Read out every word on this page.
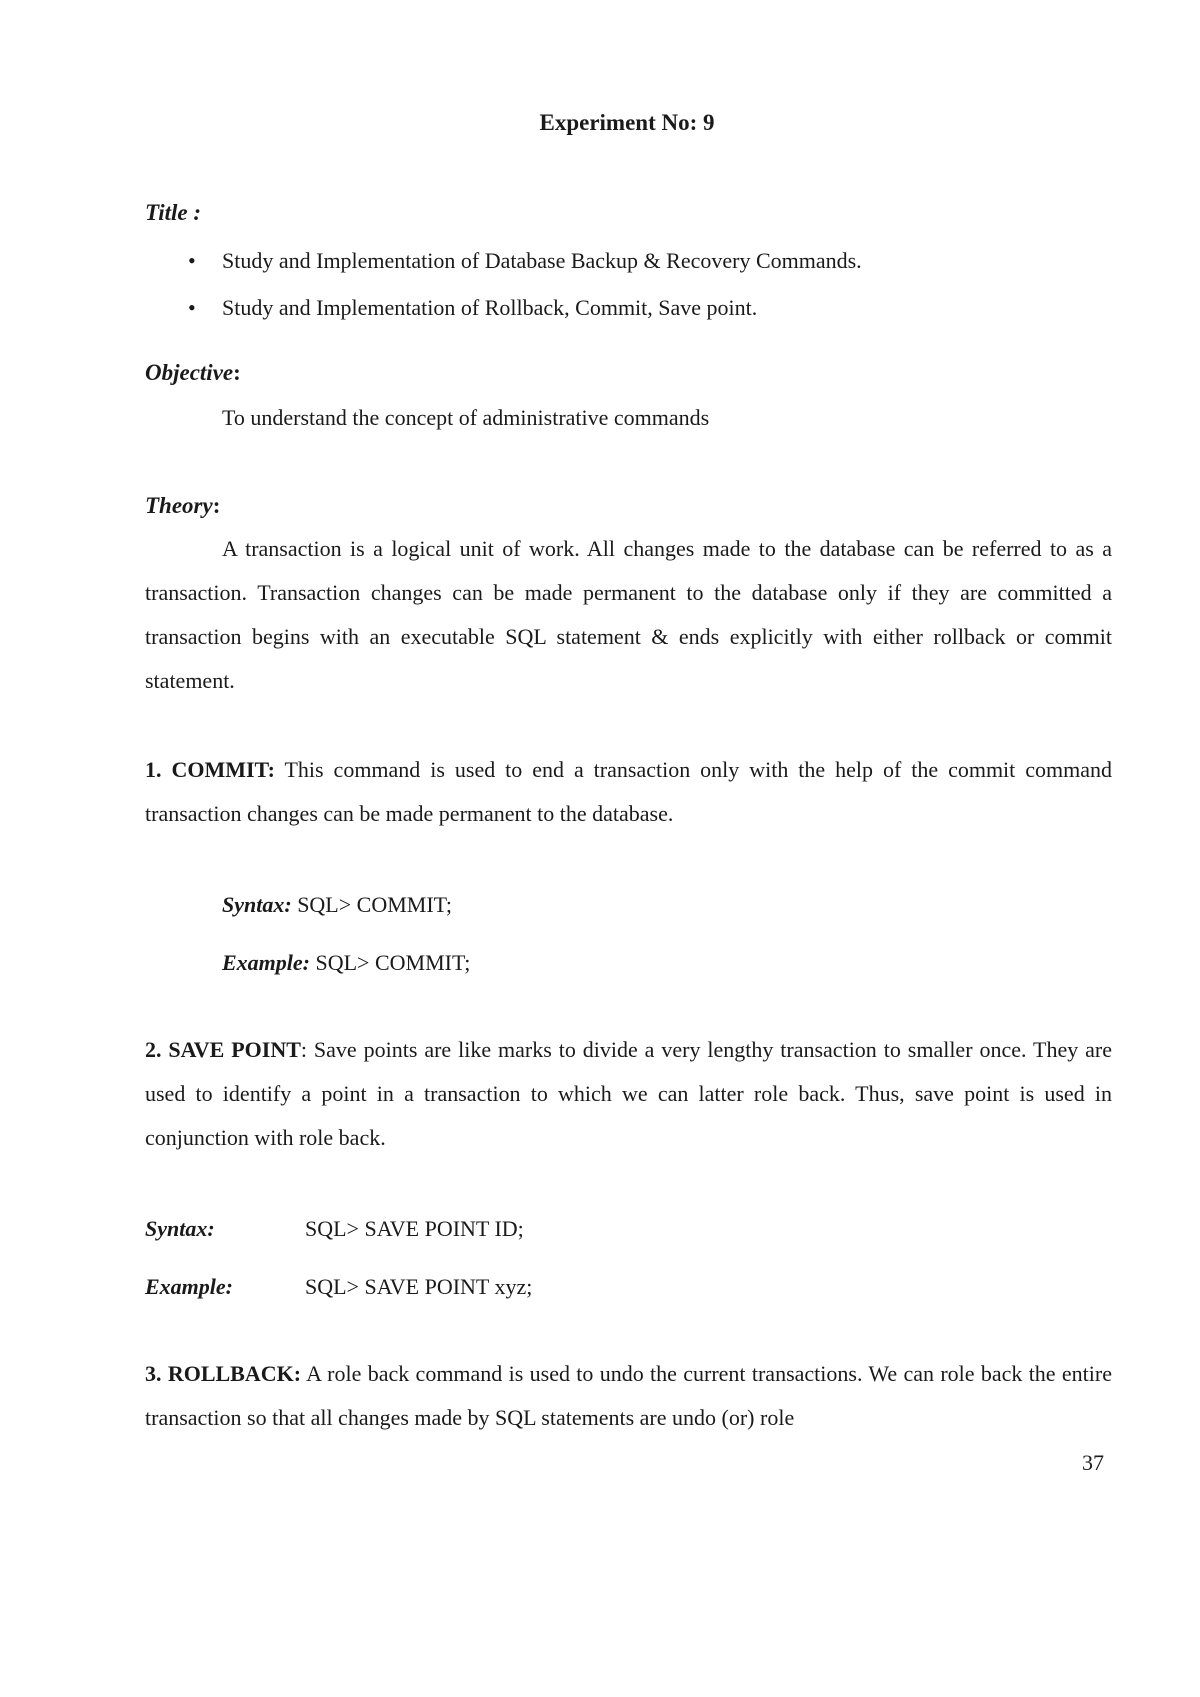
Experiment No: 9
Title :
• Study and Implementation of Database Backup & Recovery Commands.
• Study and Implementation of Rollback, Commit, Save point.
Objective:
To understand the concept of administrative commands
Theory:
A transaction is a logical unit of work. All changes made to the database can be referred to as a transaction. Transaction changes can be made permanent to the database only if they are committed a transaction begins with an executable SQL statement & ends explicitly with either rollback or commit statement.
1. COMMIT: This command is used to end a transaction only with the help of the commit command transaction changes can be made permanent to the database.
Syntax: SQL> COMMIT;
Example: SQL> COMMIT;
2. SAVE POINT: Save points are like marks to divide a very lengthy transaction to smaller once. They are used to identify a point in a transaction to which we can latter role back. Thus, save point is used in conjunction with role back.
Syntax:	SQL> SAVE POINT ID;
Example:	SQL> SAVE POINT xyz;
3. ROLLBACK: A role back command is used to undo the current transactions. We can role back the entire transaction so that all changes made by SQL statements are undo (or) role
37
